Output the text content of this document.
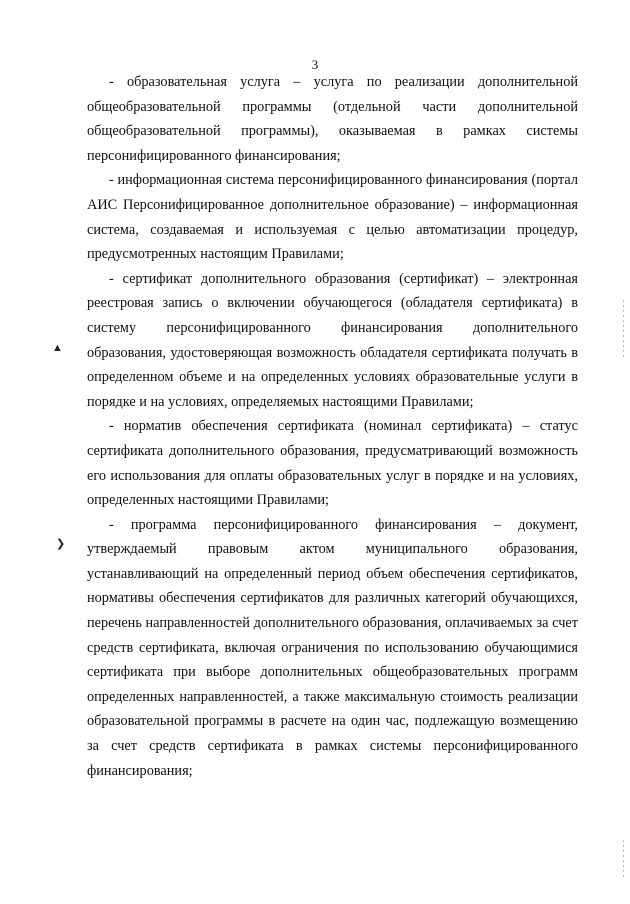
3

- образовательная услуга – услуга по реализации дополнительной общеобразовательной программы (отдельной части дополнительной общеобразовательной программы), оказываемая в рамках системы персонифицированного финансирования;

- информационная система персонифицированного финансирования (портал АИС Персонифицированное дополнительное образование) – информационная система, создаваемая и используемая с целью автоматизации процедур, предусмотренных настоящим Правилами;

- сертификат дополнительного образования (сертификат) – электронная реестровая запись о включении обучающегося (обладателя сертификата) в систему персонифицированного финансирования дополнительного образования, удостоверяющая возможность обладателя сертификата получать в определенном объеме и на определенных условиях образовательные услуги в порядке и на условиях, определяемых настоящими Правилами;

- норматив обеспечения сертификата (номинал сертификата) – статус сертификата дополнительного образования, предусматривающий возможность его использования для оплаты образовательных услуг в порядке и на условиях, определенных настоящими Правилами;

- программа персонифицированного финансирования – документ, утверждаемый правовым актом муниципального образования, устанавливающий на определенный период объем обеспечения сертификатов, нормативы обеспечения сертификатов для различных категорий обучающихся, перечень направленностей дополнительного образования, оплачиваемых за счет средств сертификата, включая ограничения по использованию обучающимися сертификата при выборе дополнительных общеобразовательных программ определенных направленностей, а также максимальную стоимость реализации образовательной программы в расчете на один час, подлежащую возмещению за счет средств сертификата в рамках системы персонифицированного финансирования;

▲
❯
